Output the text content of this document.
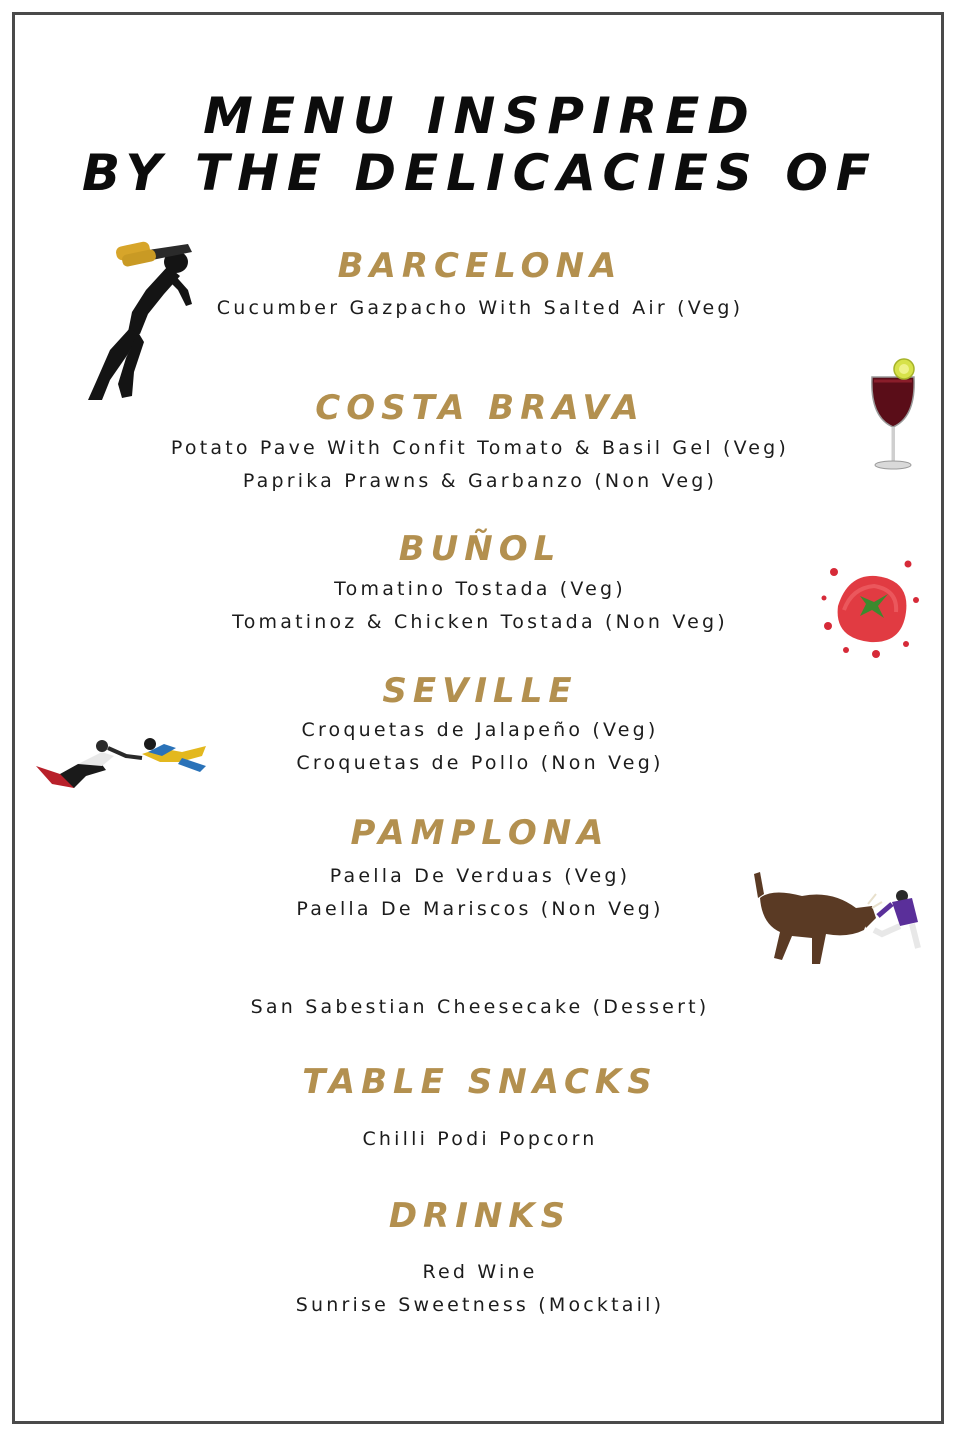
MENU INSPIRED
BY THE DELICACIES OF
BARCELONA
Cucumber Gazpacho With Salted Air (Veg)
COSTA BRAVA
Potato Pave With Confit Tomato & Basil Gel (Veg)
Paprika Prawns & Garbanzo (Non Veg)
BUÑOL
Tomatino Tostada (Veg)
Tomatinoz & Chicken Tostada (Non Veg)
SEVILLE
Croquetas de Jalapeño (Veg)
Croquetas de Pollo (Non Veg)
PAMPLONA
Paella De Verduas (Veg)
Paella De Mariscos (Non Veg)
San Sabestian Cheesecake (Dessert)
TABLE SNACKS
Chilli Podi Popcorn
DRINKS
Red Wine
Sunrise Sweetness (Mocktail)
